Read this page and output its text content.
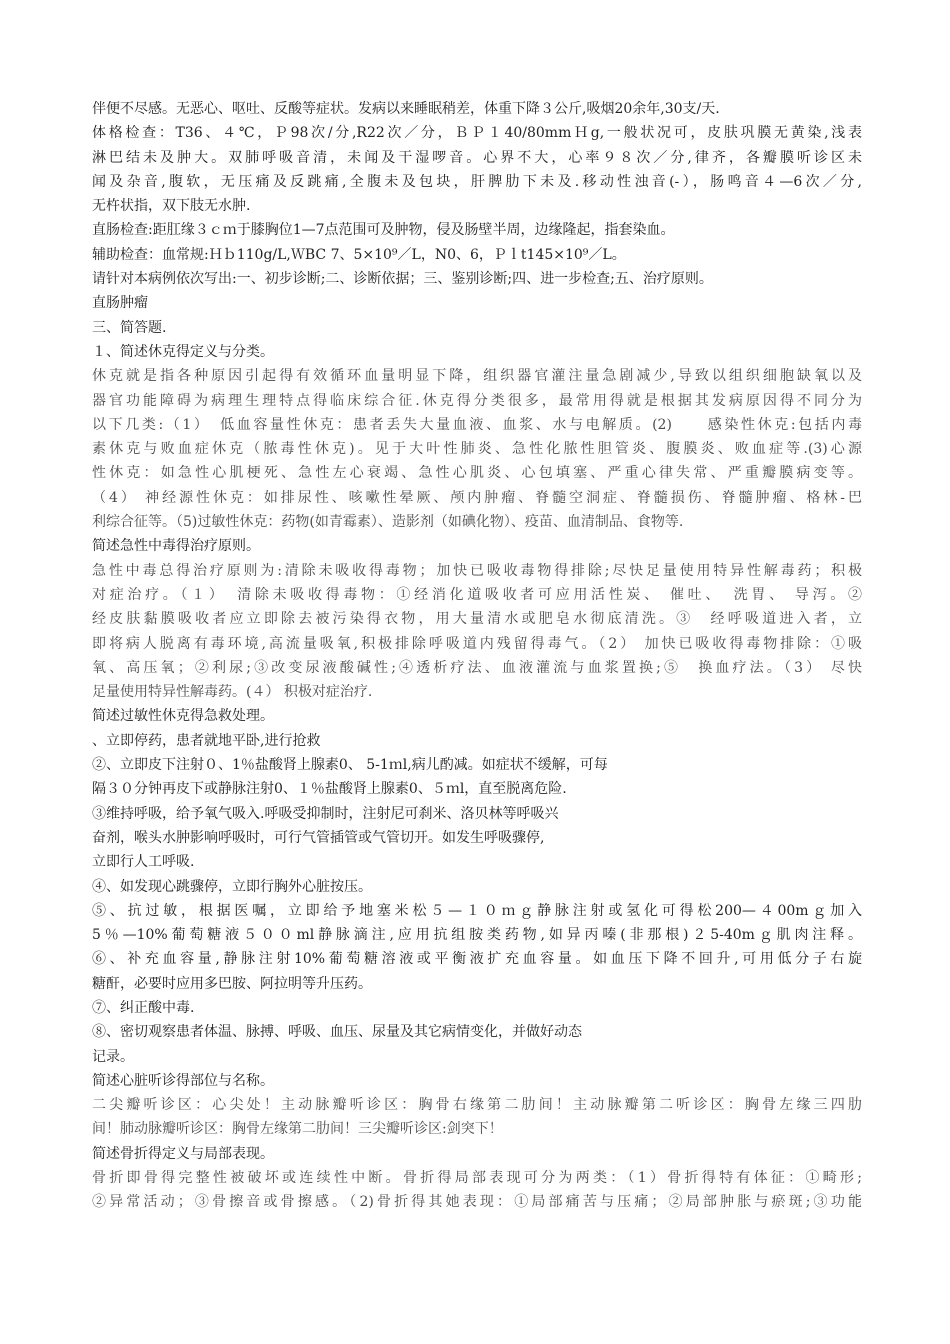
伴便不尽感。无恶心、呕吐、反酸等症状。发病以来睡眠稍差，体重下降３公斤,吸烟20余年,30支/天.
体格检查：T36、４℃，Ｐ98次/分,R22次／分，ＢＰ１40/80mmＨg,一般状况可，皮肤巩膜无黄染,浅表
淋巴结未及肿大。双肺呼吸音清，未闻及干湿啰音。心界不大，心率９８次／分,律齐，各瓣膜听诊区未
闻及杂音,腹软，无压痛及反跳痛,全腹未及包块，肝脾肋下未及.移动性浊音(-），肠鸣音４—6次／分,
无杵状指，双下肢无水肿.
直肠检查:距肛缘３ｃｍ于膝胸位1—7点范围可及肿物，侵及肠壁半周，边缘隆起，指套染血。
辅助检查：血常规:Ｈｂ110g/L,ＷBC 7、5×10⁹／L，N0、6，Ｐｌt145×10⁹／L。
请针对本病例依次写出:一、初步诊断;二、诊断依据；三、鉴别诊断;四、进一步检查;五、治疗原则。
直肠肿瘤
三、简答题.
１、简述休克得定义与分类。
休克就是指各种原因引起得有效循环血量明显下降，组织器官灌注量急剧减少,导致以组织细胞缺氧以及
器官功能障碍为病理生理特点得临床综合征.休克得分类很多，最常用得就是根据其发病原因得不同分为
以下几类:（1）　低血容量性休克：患者丢失大量血液、血浆、水与电解质。(2)　　感染性休克:包括内毒
素休克与败血症休克（脓毒性休克)。见于大叶性肺炎、急性化脓性胆管炎、腹膜炎、败血症等.(3)心源
性休克：如急性心肌梗死、急性左心衰竭、急性心肌炎、心包填塞、严重心律失常、严重瓣膜病变等。
（4） 神经源性休克：如排尿性、咳嗽性晕厥、颅内肿瘤、脊髓空洞症、脊髓损伤、脊髓肿瘤、格林-巴
利综合征等。（5)过敏性休克：药物(如青霉素）、造影剂（如碘化物）、疫苗、血清制品、食物等.
简述急性中毒得治疗原则。
急性中毒总得治疗原则为:清除未吸收得毒物；加快已吸收毒物得排除;尽快足量使用特异性解毒药；积极
对症治疗。（１）　清除未吸收得毒物：①经消化道吸收者可应用活性炭、 催吐、　洗胃、 导泻。②
经皮肤黏膜吸收者应立即除去被污染得衣物，用大量清水或肥皂水彻底清洗。③　经呼吸道进入者，立
即将病人脱离有毒环境,高流量吸氧,积极排除呼吸道内残留得毒气。（2） 加快已吸收得毒物排除：①吸
氧、高压氧；②利尿;③改变尿液酸碱性;④透析疗法、血液灌流与血浆置换;⑤　换血疗法。（3） 尽快
足量使用特异性解毒药。(４） 积极对症治疗.
简述过敏性休克得急救处理。
、立即停药，患者就地平卧,进行抢救
②、立即皮下注射０、1％盐酸肾上腺素0、 5-1ｍl,病儿酌减。如症状不缓解，可每
隔３０分钟再皮下或静脉注射0、１％盐酸肾上腺素0、５ｍl，直至脱离危险.
③维持呼吸，给予氧气吸入.呼吸受抑制时，注射尼可刹米、洛贝林等呼吸兴
奋剂，喉头水肿影响呼吸时，可行气管插管或气管切开。如发生呼吸骤停,
立即行人工呼吸.
④、如发现心跳骤停，立即行胸外心脏按压。
⑤、抗过敏，根据医嘱，立即给予地塞米松５—１０ｍｇ静脉注射或氢化可得松200—４00mｇ加入
5％—10%葡萄糖液５００ml静脉滴注,应用抗组胺类药物,如异丙嗪(非那根)２5-40mｇ肌肉注释。
⑥、补充血容量,静脉注射10%葡萄糖溶液或平衡液扩充血容量。如血压下降不回升,可用低分子右旋
糖酐，必要时应用多巴胺、阿拉明等升压药。
⑦、纠正酸中毒.
⑧、密切观察患者体温、脉搏、呼吸、血压、尿量及其它病情变化，并做好动态
记录。
简述心脏听诊得部位与名称。
二尖瓣听诊区：心尖处！主动脉瓣听诊区：胸骨右缘第二肋间！主动脉瓣第二听诊区：胸骨左缘三四肋
间！肺动脉瓣听诊区：胸骨左缘第二肋间！三尖瓣听诊区:剑突下！
简述骨折得定义与局部表现。
骨折即骨得完整性被破坏或连续性中断。骨折得局部表现可分为两类：（1）骨折得特有体征：①畸形;
②异常活动；③骨擦音或骨擦感。（2)骨折得其她表现：①局部痛苦与压痛；②局部肿胀与瘀斑;③功能
